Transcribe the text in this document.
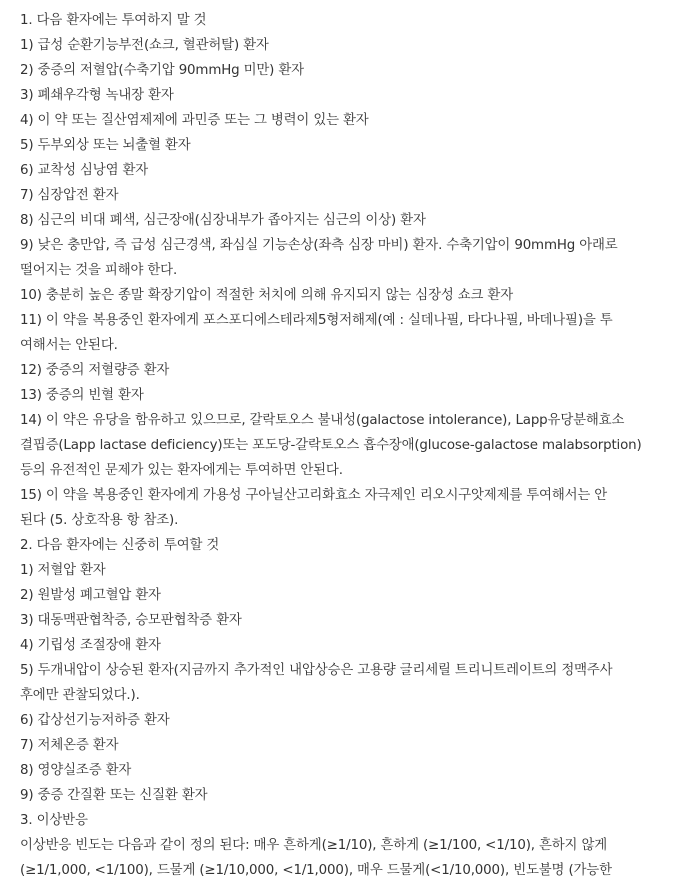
1. 다음 환자에는 투여하지 말 것

1) 급성 순환기능부전(쇼크, 혈관허탈) 환자

2) 중증의 저혈압(수축기압 90mmHg 미만) 환자

3) 폐쇄우각형 녹내장 환자

4) 이 약 또는 질산염제제에 과민증 또는 그 병력이 있는 환자

5) 두부외상 또는 뇌출혈 환자

6) 교착성 심낭염 환자

7) 심장압전 환자

8) 심근의 비대 폐색, 심근장애(심장내부가 좁아지는 심근의 이상) 환자

9) 낮은 충만압, 즉 급성 심근경색, 좌심실 기능손상(좌측 심장 마비) 환자. 수축기압이 90mmHg 아래로

떨어지는 것을 피해야 한다.

10) 충분히 높은 종말 확장기압이 적절한 처치에 의해 유지되지 않는 심장성 쇼크 환자

11) 이 약을 복용중인 환자에게 포스포디에스테라제5형저해제(예 : 실데나필, 타다나필, 바데나필)을 투

여해서는 안된다.

12) 중증의 저혈량증 환자

13) 중증의 빈혈 환자

14) 이 약은 유당을 함유하고 있으므로, 갈락토오스 불내성(galactose intolerance), Lapp유당분해효소

결핍증(Lapp lactase deficiency)또는 포도당-갈락토오스 흡수장애(glucose-galactose malabsorption)

등의 유전적인 문제가 있는 환자에게는 투여하면 안된다.

15) 이 약을 복용중인 환자에게 가용성 구아닐산고리화효소 자극제인 리오시구앗제제를 투여해서는 안

된다 (5. 상호작용 항 참조).

2. 다음 환자에는 신중히 투여할 것

1) 저혈압 환자

2) 원발성 폐고혈압 환자

3) 대동맥판협착증, 승모판협착증 환자

4) 기립성 조절장애 환자

5) 두개내압이 상승된 환자(지금까지 추가적인 내압상승은 고용량 글리세릴 트리니트레이트의 정맥주사

후에만 관찰되었다.).

6) 갑상선기능저하증 환자

7) 저체온증 환자

8) 영양실조증 환자

9) 중증 간질환 또는 신질환 환자

3. 이상반응

이상반응 빈도는 다음과 같이 정의 된다: 매우 흔하게(≥1/10), 흔하게 (≥1/100, <1/10), 흔하지 않게

(≥1/1,000, <1/100), 드물게 (≥1/10,000, <1/1,000), 매우 드물게(<1/10,000), 빈도불명 (가능한
